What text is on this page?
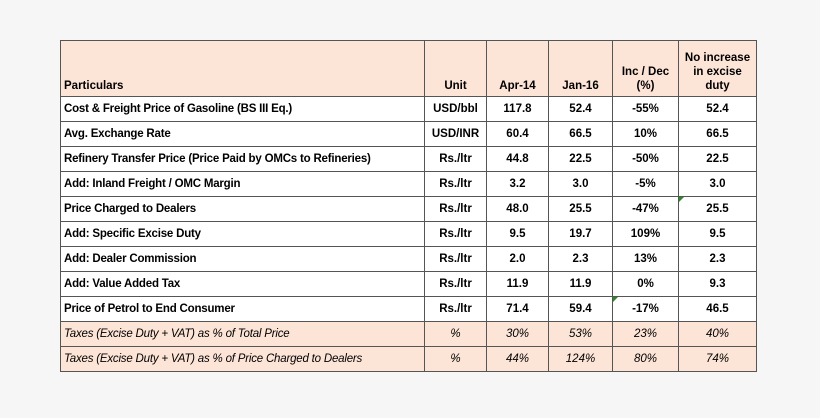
Particulars	Unit	Apr-14	Jan-16	Inc / Dec (%)	No increase in excise duty
Cost & Freight Price of Gasoline (BS III Eq.)	USD/bbl	117.8	52.4	-55%	52.4
Avg. Exchange Rate	USD/INR	60.4	66.5	10%	66.5
Refinery Transfer Price (Price Paid by OMCs to Refineries)	Rs./ltr	44.8	22.5	-50%	22.5
Add: Inland Freight / OMC Margin	Rs./ltr	3.2	3.0	-5%	3.0
Price Charged to Dealers	Rs./ltr	48.0	25.5	-47%	25.5
Add: Specific Excise Duty	Rs./ltr	9.5	19.7	109%	9.5
Add: Dealer Commission	Rs./ltr	2.0	2.3	13%	2.3
Add: Value Added Tax	Rs./ltr	11.9	11.9	0%	9.3
Price of Petrol to End Consumer	Rs./ltr	71.4	59.4	-17%	46.5
Taxes (Excise Duty + VAT) as % of Total Price	%	30%	53%	23%	40%
Taxes (Excise Duty + VAT) as % of Price Charged to Dealers	%	44%	124%	80%	74%
